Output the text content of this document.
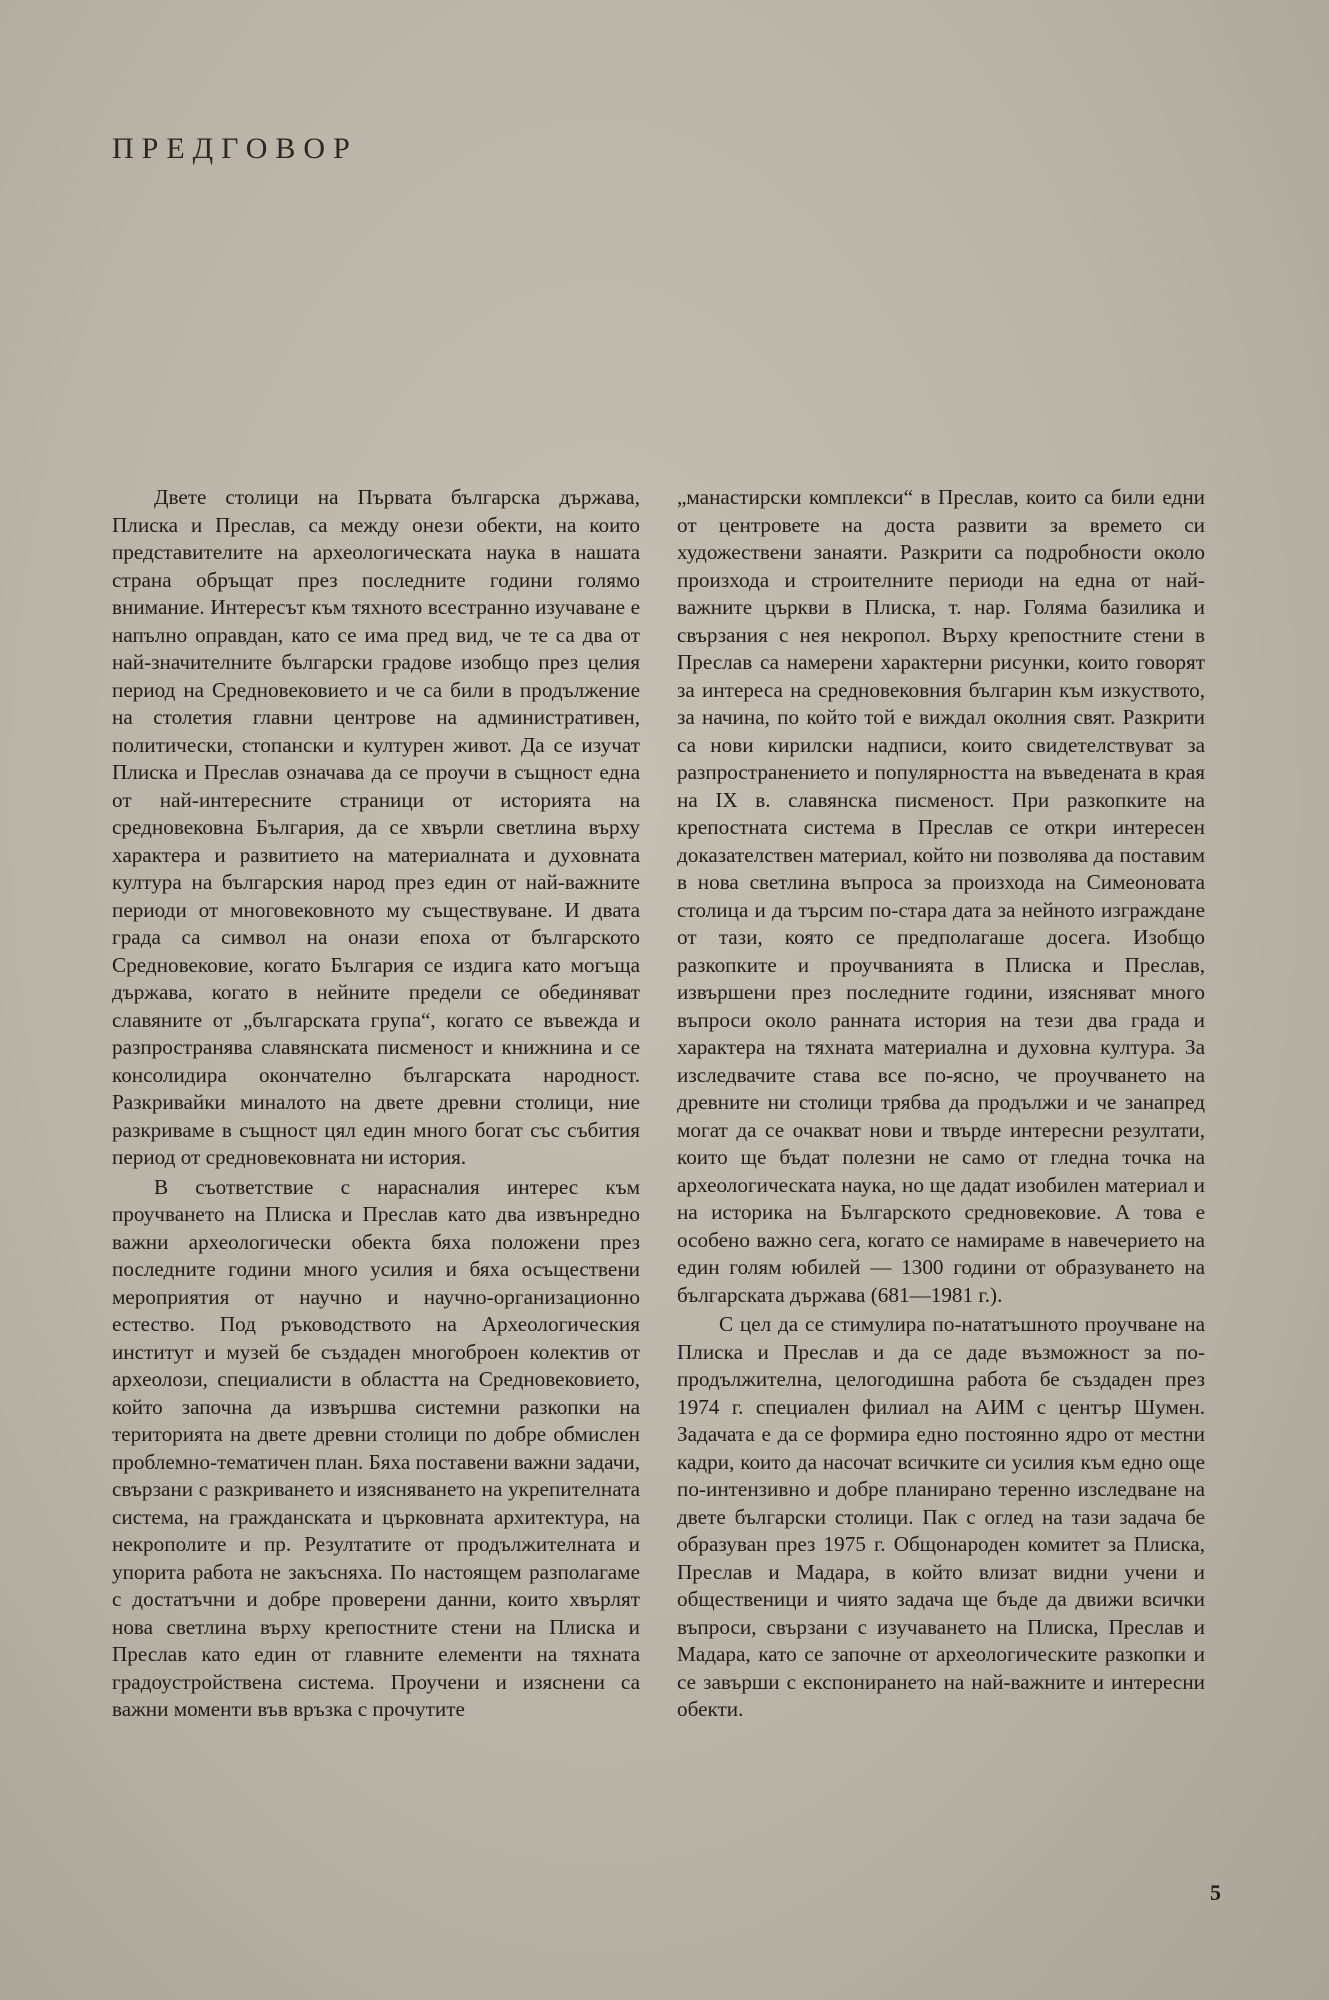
ПРЕДГОВОР

Двете столици на Първата българска държава, Плиска и Преслав, са между онези обекти, на които представителите на археологическата наука в нашата страна обръщат през последните години голямо внимание. Интересът към тяхното всестранно изучаване е напълно оправдан, като се има пред вид, че те са два от най-значителните български градове изобщо през целия период на Средновековието и че са били в продължение на столетия главни центрове на административен, политически, стопански и културен живот. Да се изучат Плиска и Преслав означава да се проучи в същност една от най-интересните страници от историята на средновековна България, да се хвърли светлина върху характера и развитието на материалната и духовната култура на българския народ през един от най-важните периоди от многовековното му съществуване. И двата града са символ на онази епоха от българското Средновековие, когато България се издига като могъща държава, когато в нейните предели се обединяват славяните от „българската група“, когато се въвежда и разпространява славянската писменост и книжнина и се консолидира окончателно българската народност. Разкривайки миналото на двете древни столици, ние разкриваме в същност цял един много богат със събития период от средновековната ни история.

В съответствие с нараснaлия интерес към проучването на Плиска и Преслав като два извънредно важни археологически обекта бяха положени през последните години много усилия и бяха осъществени мероприятия от научно и научно-организационно естество. Под ръководството на Археологическия институт и музей бе създаден многоброен колектив от археолози, специалисти в областта на Средновековието, който започна да извършва системни разкопки на територията на двете древни столици по добре обмислен проблемно-тематичен план. Бяха поставени важни задачи, свързани с разкриването и изясняването на укрепителната система, на гражданската и църковната архитектура, на некрополите и пр. Резултатите от продължителната и упорита работа не закъсняха. По настоящем разполагаме с достатъчни и добре проверени данни, които хвърлят нова светлина върху крепостните стени на Плиска и Преслав като един от главните елементи на тяхната градоустройствена система. Проучени и изяснени са важни моменти във връзка с прочутите

„манастирски комплекси“ в Преслав, които са били едни от центровете на доста развити за времето си художествени занаяти. Разкрити са подробности около произхода и строителните периоди на една от най-важните църкви в Плиска, т. нар. Голяма базилика и свързания с нея некропол. Върху крепостните стени в Преслав са намерени характерни рисунки, които говорят за интереса на средновековния българин към изкуството, за начина, по който той е виждал околния свят. Разкрити са нови кирилски надписи, които свидетелствуват за разпространението и популярността на въведената в края на IX в. славянска писменост. При разкопките на крепостната система в Преслав се откри интересен доказателствен материал, който ни позволява да поставим в нова светлина въпроса за произхода на Симеоновата столица и да търсим по-стара дата за нейното изграждане от тази, която се предполагаше досега. Изобщо разкопките и проучванията в Плиска и Преслав, извършени през последните години, изясняват много въпроси около ранната история на тези два града и характера на тяхната материална и духовна култура. За изследвачите става все по-ясно, че проучването на древните ни столици трябва да продължи и че занапред могат да се очакват нови и твърде интересни резултати, които ще бъдат полезни не само от гледна точка на археологическата наука, но ще дадат изобилен материал и на историка на Българското средновековие. А това е особено важно сега, когато се намираме в навечерието на един голям юбилей — 1300 години от образуването на българската държава (681—1981 г.).

С цел да се стимулира по-нататъшното проучване на Плиска и Преслав и да се даде възможност за по-продължителна, целогодишна работа бе създаден през 1974 г. специален филиал на АИМ с център Шумен. Задачата е да се формира едно постоянно ядро от местни кадри, които да насочат всичките си усилия към едно още по-интензивно и добре планирано теренно изследване на двете български столици. Пак с оглед на тази задача бе образуван през 1975 г. Общонароден комитет за Плиска, Преслав и Мадара, в който влизат видни учени и общественици и чиято задача ще бъде да движи всички въпроси, свързани с изучаването на Плиска, Преслав и Мадара, като се започне от археологическите разкопки и се завърши с експонирането на най-важните и интересни обекти.

5
